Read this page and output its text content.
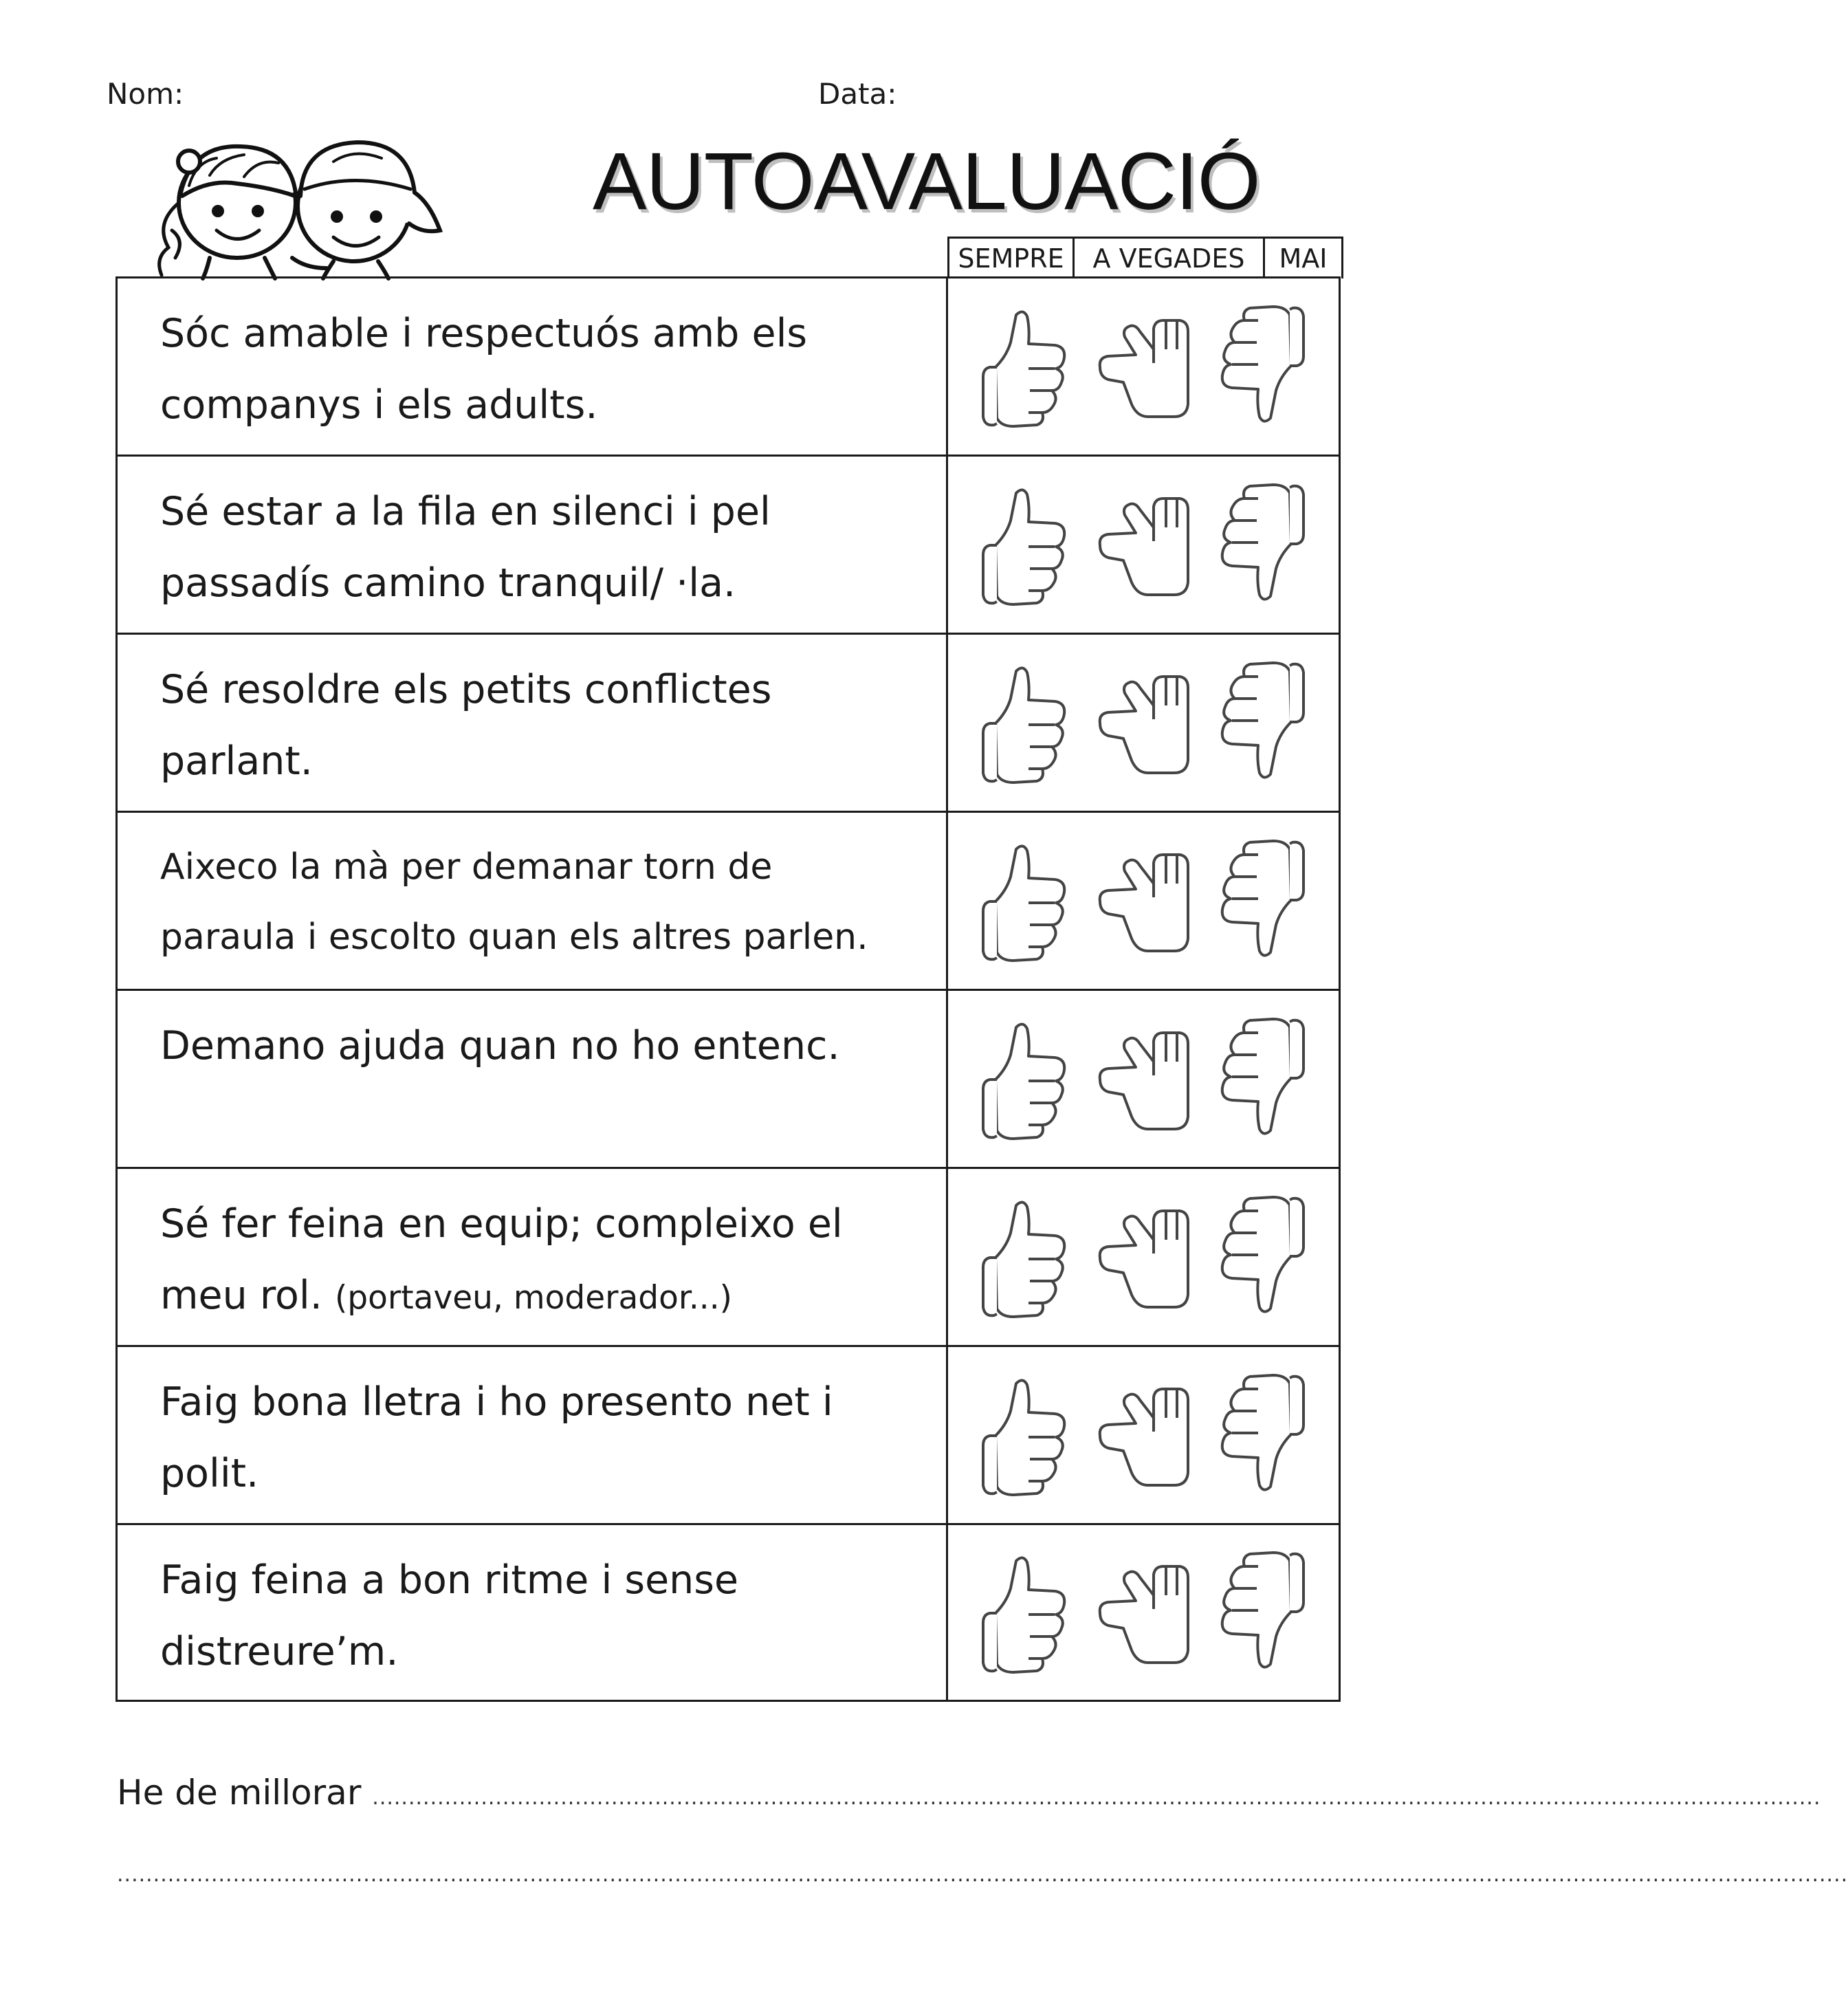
Nom:	Data:
AUTOAVALUACIÓ
SEMPRE	A VEGADES	MAI
Sóc amable i respectuós amb els
companys i els adults.
Sé estar a la fila en silenci i pel
passadís camino tranquil/ ·la.
Sé resoldre els petits conflictes
parlant.
Aixeco la mà per demanar torn de
paraula i escolto quan els altres parlen.
Demano ajuda quan no ho entenc.
Sé fer feina en equip; compleixo el
meu rol. (portaveu, moderador...)
Faig bona lletra i ho presento net i
polit.
Faig feina a bon ritme i sense
distreure’m.
He de millorar ........................................................................................................................................................................................................
...............................................................................................................................................................................................................................................
